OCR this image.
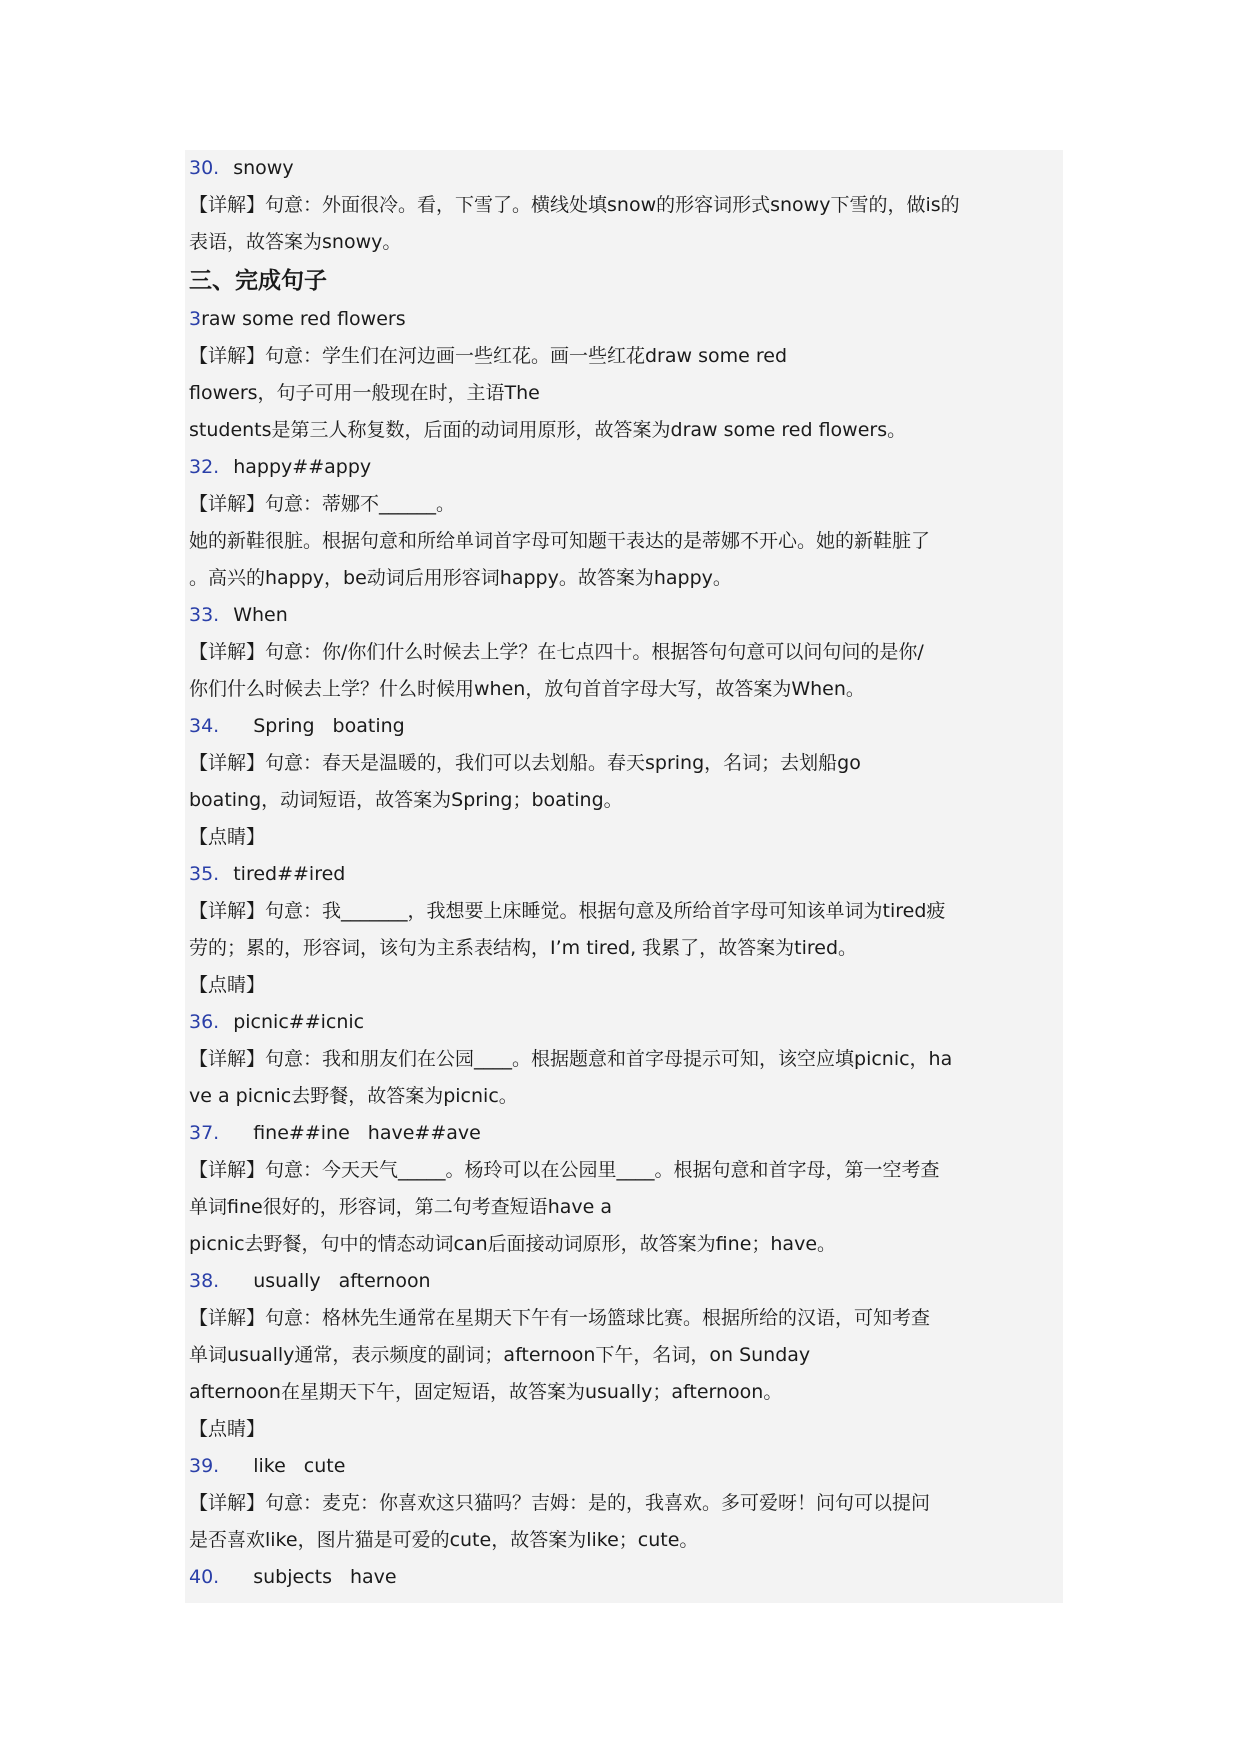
30. snowy
【详解】句意：外面很冷。看，下雪了。横线处填snow的形容词形式snowy下雪的，做is的
表语，故答案为snowy。
三、完成句子
3raw some red flowers
【详解】句意：学生们在河边画一些红花。画一些红花draw some red
flowers，句子可用一般现在时，主语The
students是第三人称复数，后面的动词用原形，故答案为draw some red flowers。
32. happy##appy
【详解】句意：蒂娜不______。
她的新鞋很脏。根据句意和所给单词首字母可知题干表达的是蒂娜不开心。她的新鞋脏了
。高兴的happy，be动词后用形容词happy。故答案为happy。
33. When
【详解】句意：你/你们什么时候去上学？在七点四十。根据答句句意可以问句问的是你/
你们什么时候去上学？什么时候用when，放句首首字母大写，故答案为When。
34. Spring boating
【详解】句意：春天是温暖的，我们可以去划船。春天spring，名词；去划船go
boating，动词短语，故答案为Spring；boating。
【点睛】
35. tired##ired
【详解】句意：我_______，我想要上床睡觉。根据句意及所给首字母可知该单词为tired疲
劳的；累的，形容词，该句为主系表结构，I’m tired, 我累了，故答案为tired。
【点睛】
36. picnic##icnic
【详解】句意：我和朋友们在公园____。根据题意和首字母提示可知，该空应填picnic，ha
ve a picnic去野餐，故答案为picnic。
37. fine##ine have##ave
【详解】句意：今天天气_____。杨玲可以在公园里____。根据句意和首字母，第一空考查
单词fine很好的，形容词，第二句考查短语have a
picnic去野餐，句中的情态动词can后面接动词原形，故答案为fine；have。
38. usually afternoon
【详解】句意：格林先生通常在星期天下午有一场篮球比赛。根据所给的汉语，可知考查
单词usually通常，表示频度的副词；afternoon下午，名词，on Sunday
afternoon在星期天下午，固定短语，故答案为usually；afternoon。
【点睛】
39. like cute
【详解】句意：麦克：你喜欢这只猫吗？吉姆：是的，我喜欢。多可爱呀！问句可以提问
是否喜欢like，图片猫是可爱的cute，故答案为like；cute。
40. subjects have
